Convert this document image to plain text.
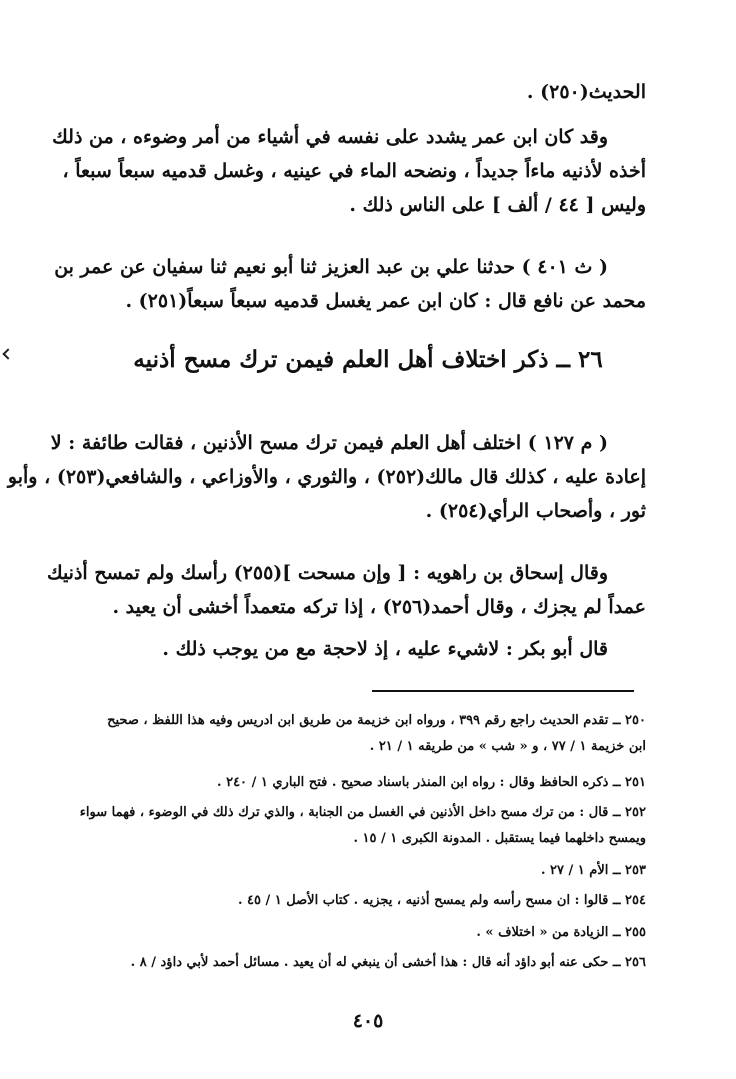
الحديث(٢٥٠) .
وقد كان ابن عمر يشدد على نفسه في أشياء من أمر وضوءه ، من ذلك
أخذه لأذنيه ماءاً جديداً ، ونضحه الماء في عينيه ، وغسل قدميه سبعاً سبعاً ،
وليس [ ٤٤ / ألف ] على الناس ذلك .
( ث ٤٠١ ) حدثنا علي بن عبد العزيز ثنا أبو نعيم ثنا سفيان عن عمر بن
محمد عن نافع قال : كان ابن عمر يغسل قدميه سبعاً سبعاً(٢٥١) .
٢٦ ــ ذكر اختلاف أهل العلم فيمن ترك مسح أذنيه
( م ١٢٧ ) اختلف أهل العلم فيمن ترك مسح الأذنين ، فقالت طائفة : لا
إعادة عليه ، كذلك قال مالك(٢٥٢) ، والثوري ، والأوزاعي ، والشافعي(٢٥٣) ، وأبو
ثور ، وأصحاب الرأي(٢٥٤) .
وقال إسحاق بن راهويه : [ وإن مسحت ](٢٥٥) رأسك ولم تمسح أذنيك
عمداً لم يجزك ، وقال أحمد(٢٥٦) ، إذا تركه متعمداً أخشى أن يعيد .
قال أبو بكر : لاشيء عليه ، إذ لاحجة مع من يوجب ذلك .
٢٥٠ ــ تقدم الحديث راجع رقم ٣٩٩ ، ورواه ابن خزيمة من طريق ابن ادريس وفيه هذا اللفظ ، صحيح
ابن خزيمة ١ / ٧٧ ، و « شب » من طريقه ١ / ٢١ .
٢٥١ ــ ذكره الحافظ وقال : رواه ابن المنذر باسناد صحيح . فتح الباري ١ / ٢٤٠ .
٢٥٢ ــ قال : من ترك مسح داخل الأذنين في الغسل من الجنابة ، والذي ترك ذلك في الوضوء ، فهما سواء
ويمسح داخلهما فيما يستقبل . المدونة الكبرى ١ / ١٥ .
٢٥٣ ــ الأم ١ / ٢٧ .
٢٥٤ ــ قالوا : ان مسح رأسه ولم يمسح أذنيه ، يجزيه . كتاب الأصل ١ / ٤٥ .
٢٥٥ ــ الزيادة من « اختلاف » .
٢٥٦ ــ حكى عنه أبو داؤد أنه قال : هذا أخشى أن ينبغي له أن يعيد . مسائل أحمد لأبي داؤد / ٨ .
٤٠٥
